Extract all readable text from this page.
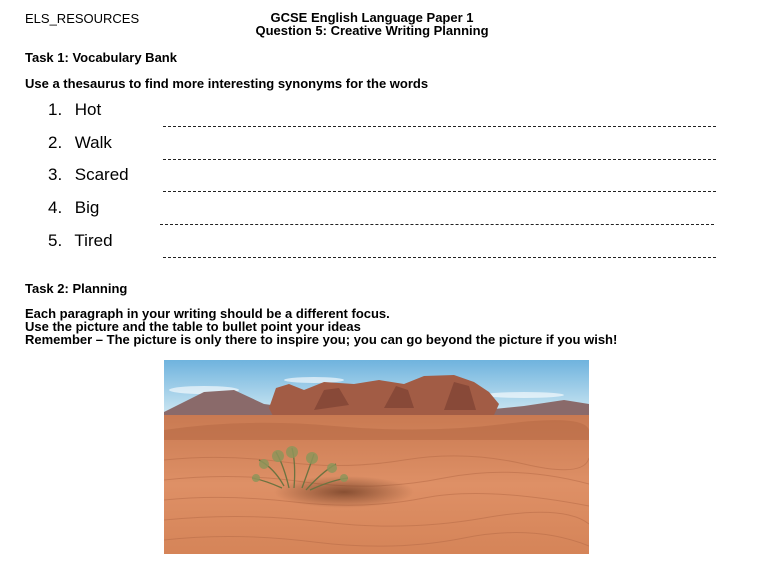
ELS_RESOURCES	GCSE English Language Paper 1
Question 5: Creative Writing Planning
Task 1: Vocabulary Bank
Use a thesaurus to find more interesting synonyms for the words
1. Hot
2. Walk
3. Scared
4. Big
5. Tired
Task 2: Planning
Each paragraph in your writing should be a different focus.
Use the picture and the table to bullet point your ideas
Remember – The picture is only there to inspire you; you can go beyond the picture if you wish!
